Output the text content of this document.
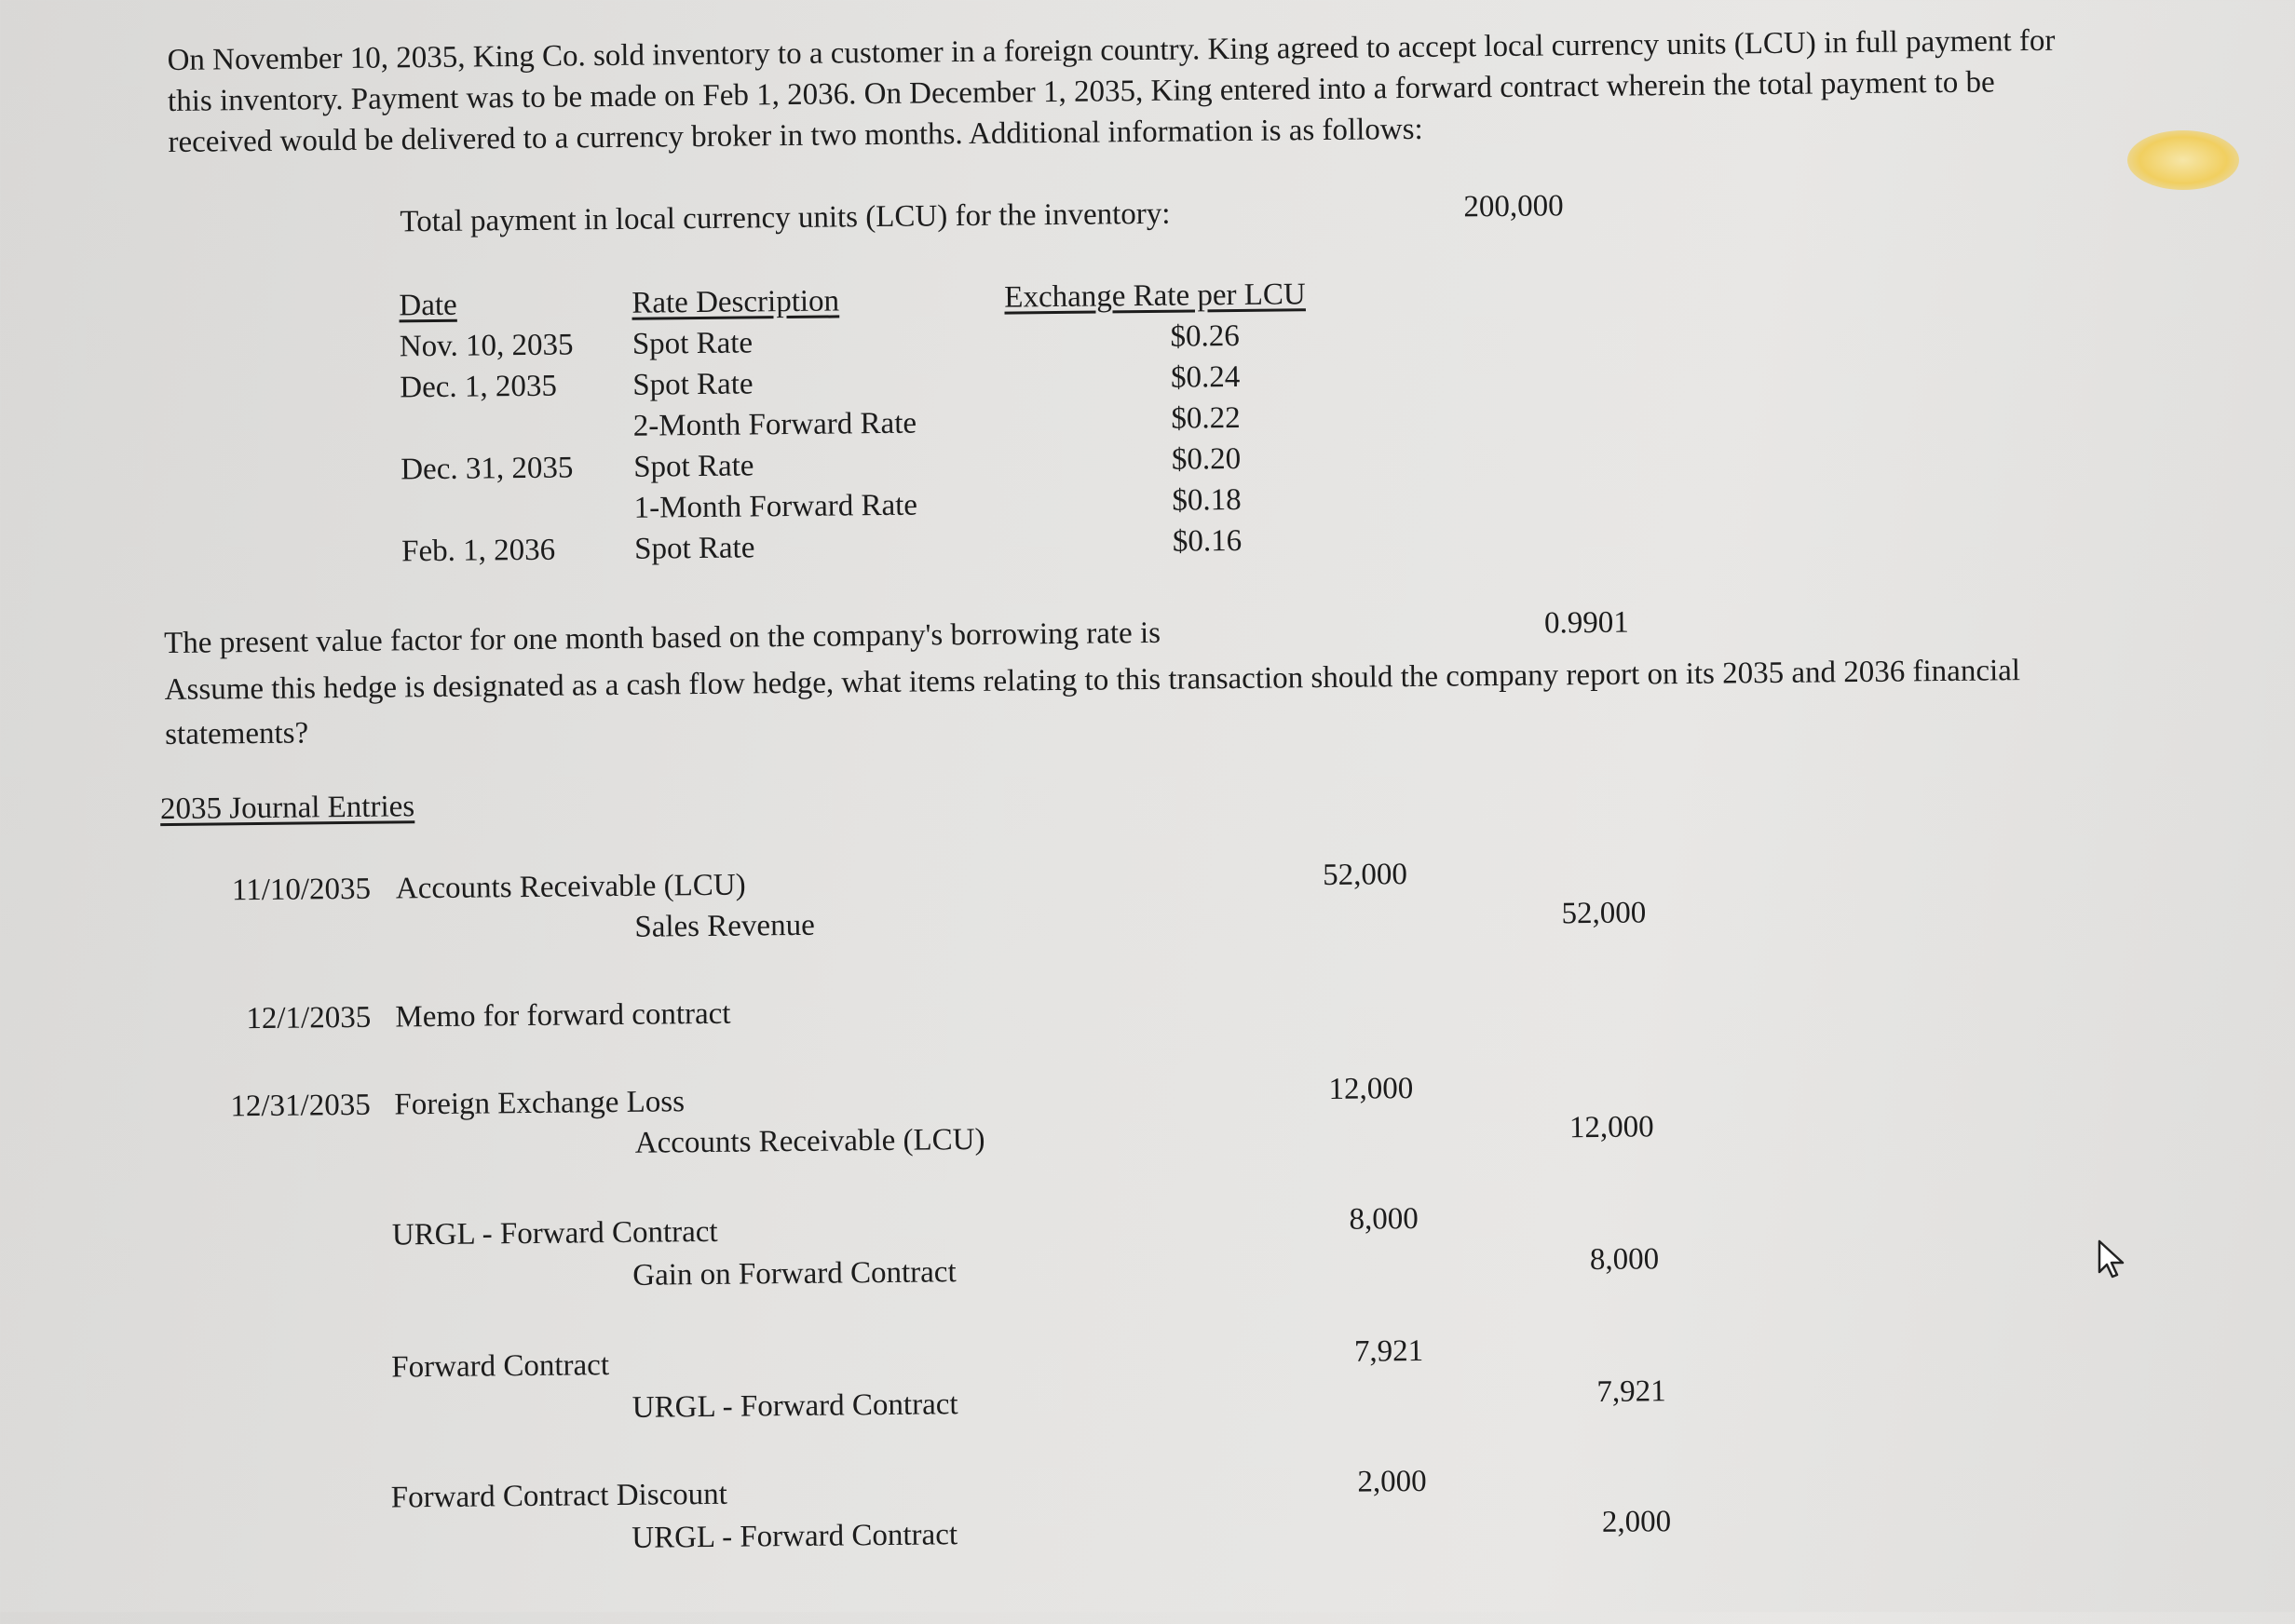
On November 10, 2035, King Co. sold inventory to a customer in a foreign country. King agreed to accept local currency units (LCU) in full payment for this inventory. Payment was to be made on Feb 1, 2036. On December 1, 2035, King entered into a forward contract wherein the total payment to be received would be delivered to a currency broker in two months. Additional information is as follows:
Total payment in local currency units (LCU) for the inventory:	200,000
Date	Rate Description	Exchange Rate per LCU
Nov. 10, 2035 Spot Rate	$0.26
Dec. 1, 2035 Spot Rate	$0.24
2-Month Forward Rate	$0.22
Dec. 31, 2035 Spot Rate	$0.20
1-Month Forward Rate	$0.18
Feb. 1, 2036	Spot Rate	$0.16
The present value factor for one month based on the company's borrowing rate is	0.9901
Assume this hedge is designated as a cash flow hedge, what items relating to this transaction should the company report on its 2035 and 2036 financial statements?
2035 Journal Entries
11/10/2035 Accounts Receivable (LCU)	52,000
Sales Revenue	52,000
12/1/2035 Memo for forward contract
12/31/2035 Foreign Exchange Loss	12,000
Accounts Receivable (LCU)	12,000
URGL - Forward Contract	8,000
Gain on Forward Contract	8,000
Forward Contract	7,921
URGL - Forward Contract	7,921
Forward Contract Discount	2,000
URGL - Forward Contract	2,000
